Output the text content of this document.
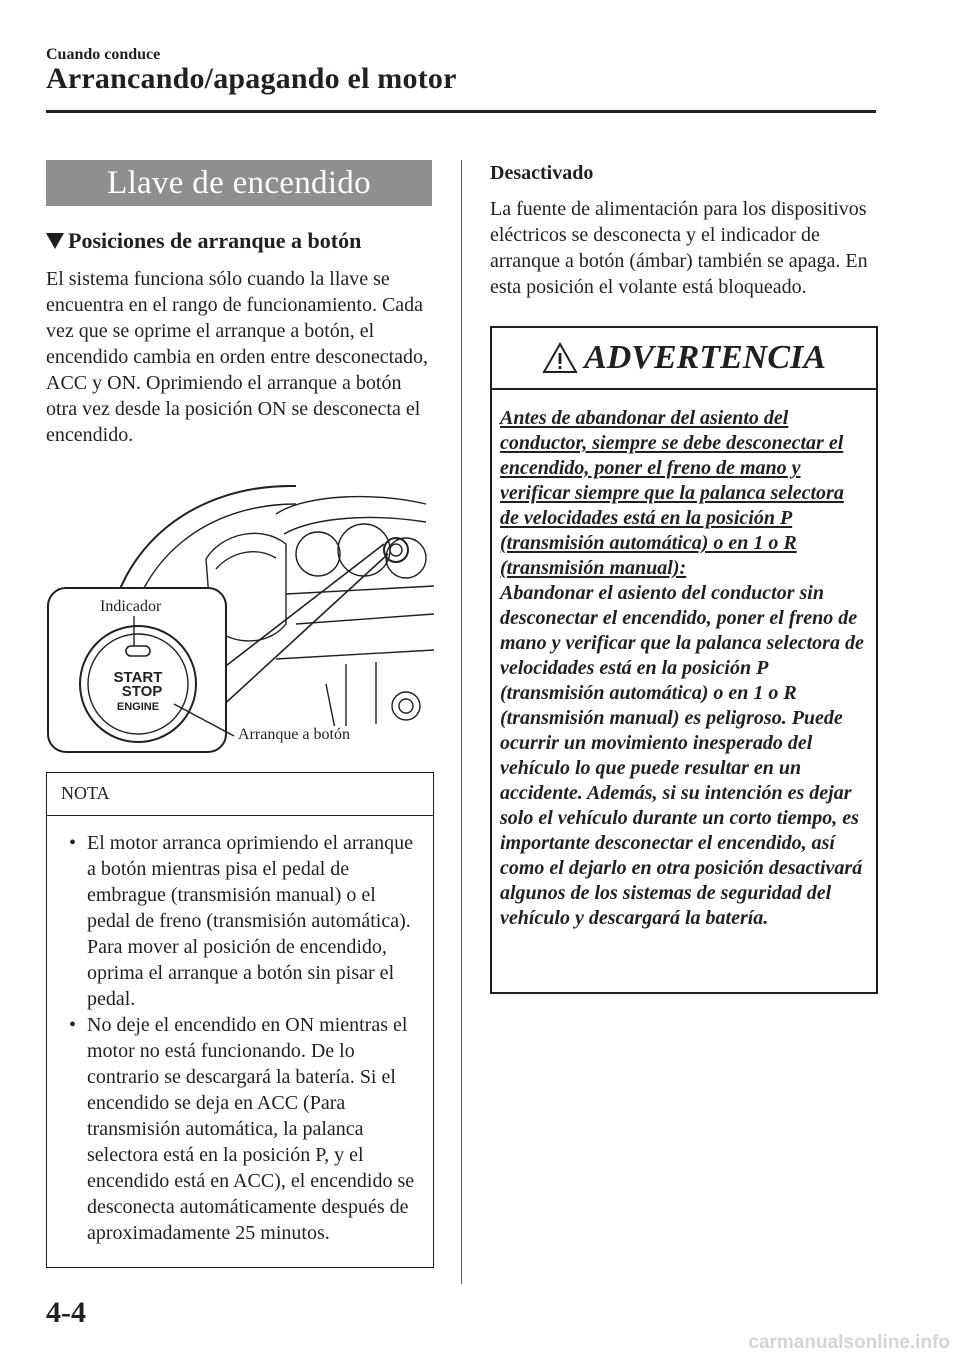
Cuando conduce
Arrancando/apagando el motor
Llave de encendido
Posiciones de arranque a botón

El sistema funciona sólo cuando la llave se encuentra en el rango de funcionamiento. Cada vez que se oprime el arranque a botón, el encendido cambia en orden entre desconectado, ACC y ON. Oprimiendo el arranque a botón otra vez desde la posición ON se desconecta el encendido.

START
STOP
ENGINE
Indicador
Arranque a botón
NOTA
• El motor arranca oprimiendo el arranque a botón mientras pisa el pedal de embrague (transmisión manual) o el pedal de freno (transmisión automática). Para mover al posición de encendido, oprima el arranque a botón sin pisar el pedal.
• No deje el encendido en ON mientras el motor no está funcionando. De lo contrario se descargará la batería. Si el encendido se deja en ACC (Para transmisión automática, la palanca selectora está en la posición P, y el encendido está en ACC), el encendido se desconecta automáticamente después de aproximadamente 25 minutos.
Desactivado

La fuente de alimentación para los dispositivos eléctricos se desconecta y el indicador de arranque a botón (ámbar) también se apaga. En esta posición el volante está bloqueado.

ADVERTENCIA

Antes de abandonar del asiento del conductor, siempre se debe desconectar el encendido, poner el freno de mano y verificar siempre que la palanca selectora de velocidades está en la posición P (transmisión automática) o en 1 o R (transmisión manual):

Abandonar el asiento del conductor sin desconectar el encendido, poner el freno de mano y verificar que la palanca selectora de velocidades está en la posición P (transmisión automática) o en 1 o R (transmisión manual) es peligroso. Puede ocurrir un movimiento inesperado del vehículo lo que puede resultar en un accidente. Además, si su intención es dejar solo el vehículo durante un corto tiempo, es importante desconectar el encendido, así como el dejarlo en otra posición desactivará algunos de los sistemas de seguridad del vehículo y descargará la batería.

4-4
carmanualsonline.info
